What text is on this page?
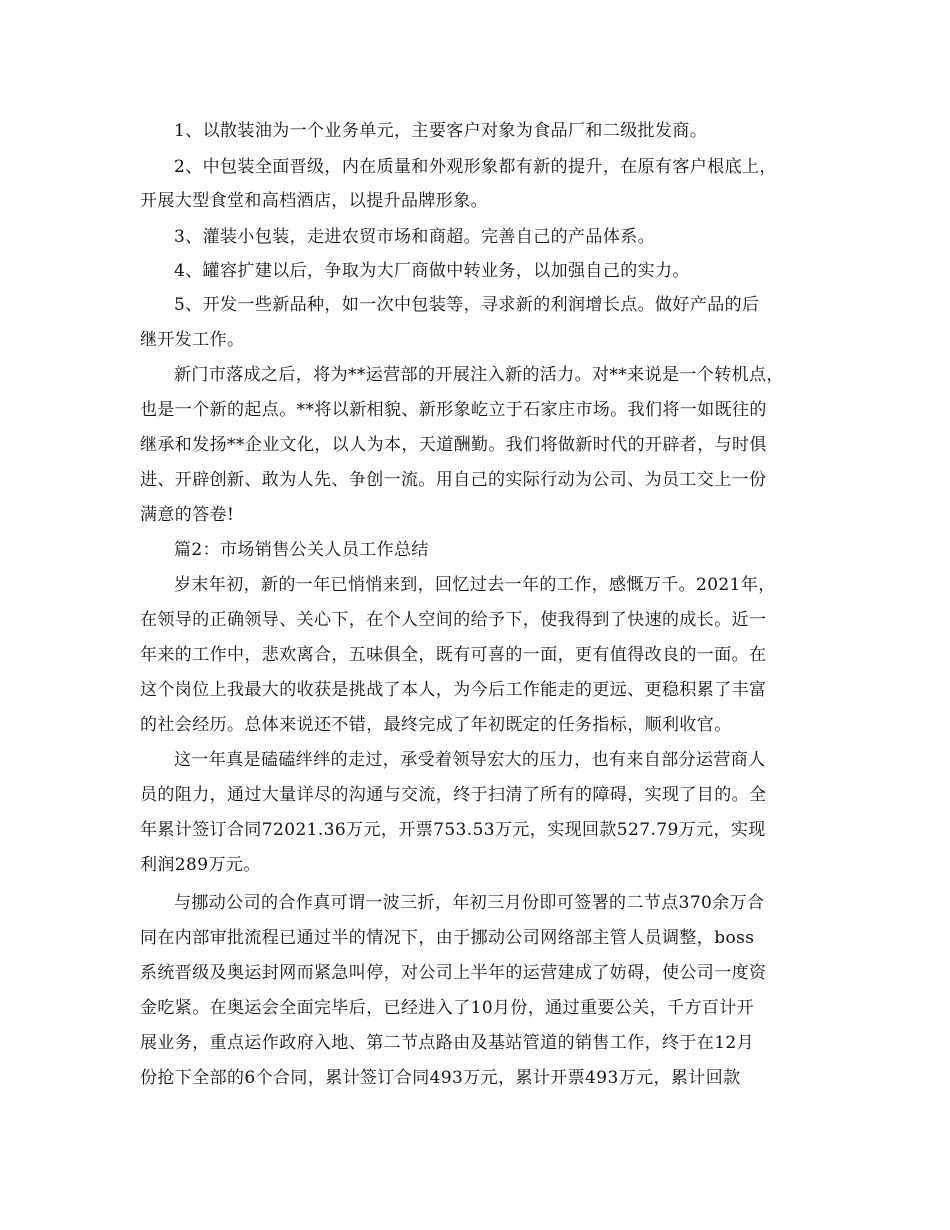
1、以散装油为一个业务单元，主要客户对象为食品厂和二级批发商。
2、中包装全面晋级，内在质量和外观形象都有新的提升，在原有客户根底上，
开展大型食堂和高档酒店，以提升品牌形象。
3、灌装小包装，走进农贸市场和商超。完善自己的产品体系。
4、罐容扩建以后，争取为大厂商做中转业务，以加强自己的实力。
5、开发一些新品种，如一次中包装等，寻求新的利润增长点。做好产品的后
继开发工作。
新门市落成之后，将为**运营部的开展注入新的活力。对**来说是一个转机点，
也是一个新的起点。**将以新相貌、新形象屹立于石家庄市场。我们将一如既往的
继承和发扬**企业文化，以人为本，天道酬勤。我们将做新时代的开辟者，与时俱
进、开辟创新、敢为人先、争创一流。用自己的实际行动为公司、为员工交上一份
满意的答卷!
篇2：市场销售公关人员工作总结
岁末年初，新的一年已悄悄来到，回忆过去一年的工作，感慨万千。2021年，
在领导的正确领导、关心下，在个人空间的给予下，使我得到了快速的成长。近一
年来的工作中，悲欢离合，五味俱全，既有可喜的一面，更有值得改良的一面。在
这个岗位上我最大的收获是挑战了本人，为今后工作能走的更远、更稳积累了丰富
的社会经历。总体来说还不错，最终完成了年初既定的任务指标，顺利收官。
这一年真是磕磕绊绊的走过，承受着领导宏大的压力，也有来自部分运营商人
员的阻力，通过大量详尽的沟通与交流，终于扫清了所有的障碍，实现了目的。全
年累计签订合同72021.36万元，开票753.53万元，实现回款527.79万元，实现
利润289万元。
与挪动公司的合作真可谓一波三折，年初三月份即可签署的二节点370余万合
同在内部审批流程已通过半的情况下，由于挪动公司网络部主管人员调整，boss
系统晋级及奥运封网而紧急叫停，对公司上半年的运营建成了妨碍，使公司一度资
金吃紧。在奥运会全面完毕后，已经进入了10月份，通过重要公关，千方百计开
展业务，重点运作政府入地、第二节点路由及基站管道的销售工作，终于在12月
份抢下全部的6个合同，累计签订合同493万元，累计开票493万元，累计回款
